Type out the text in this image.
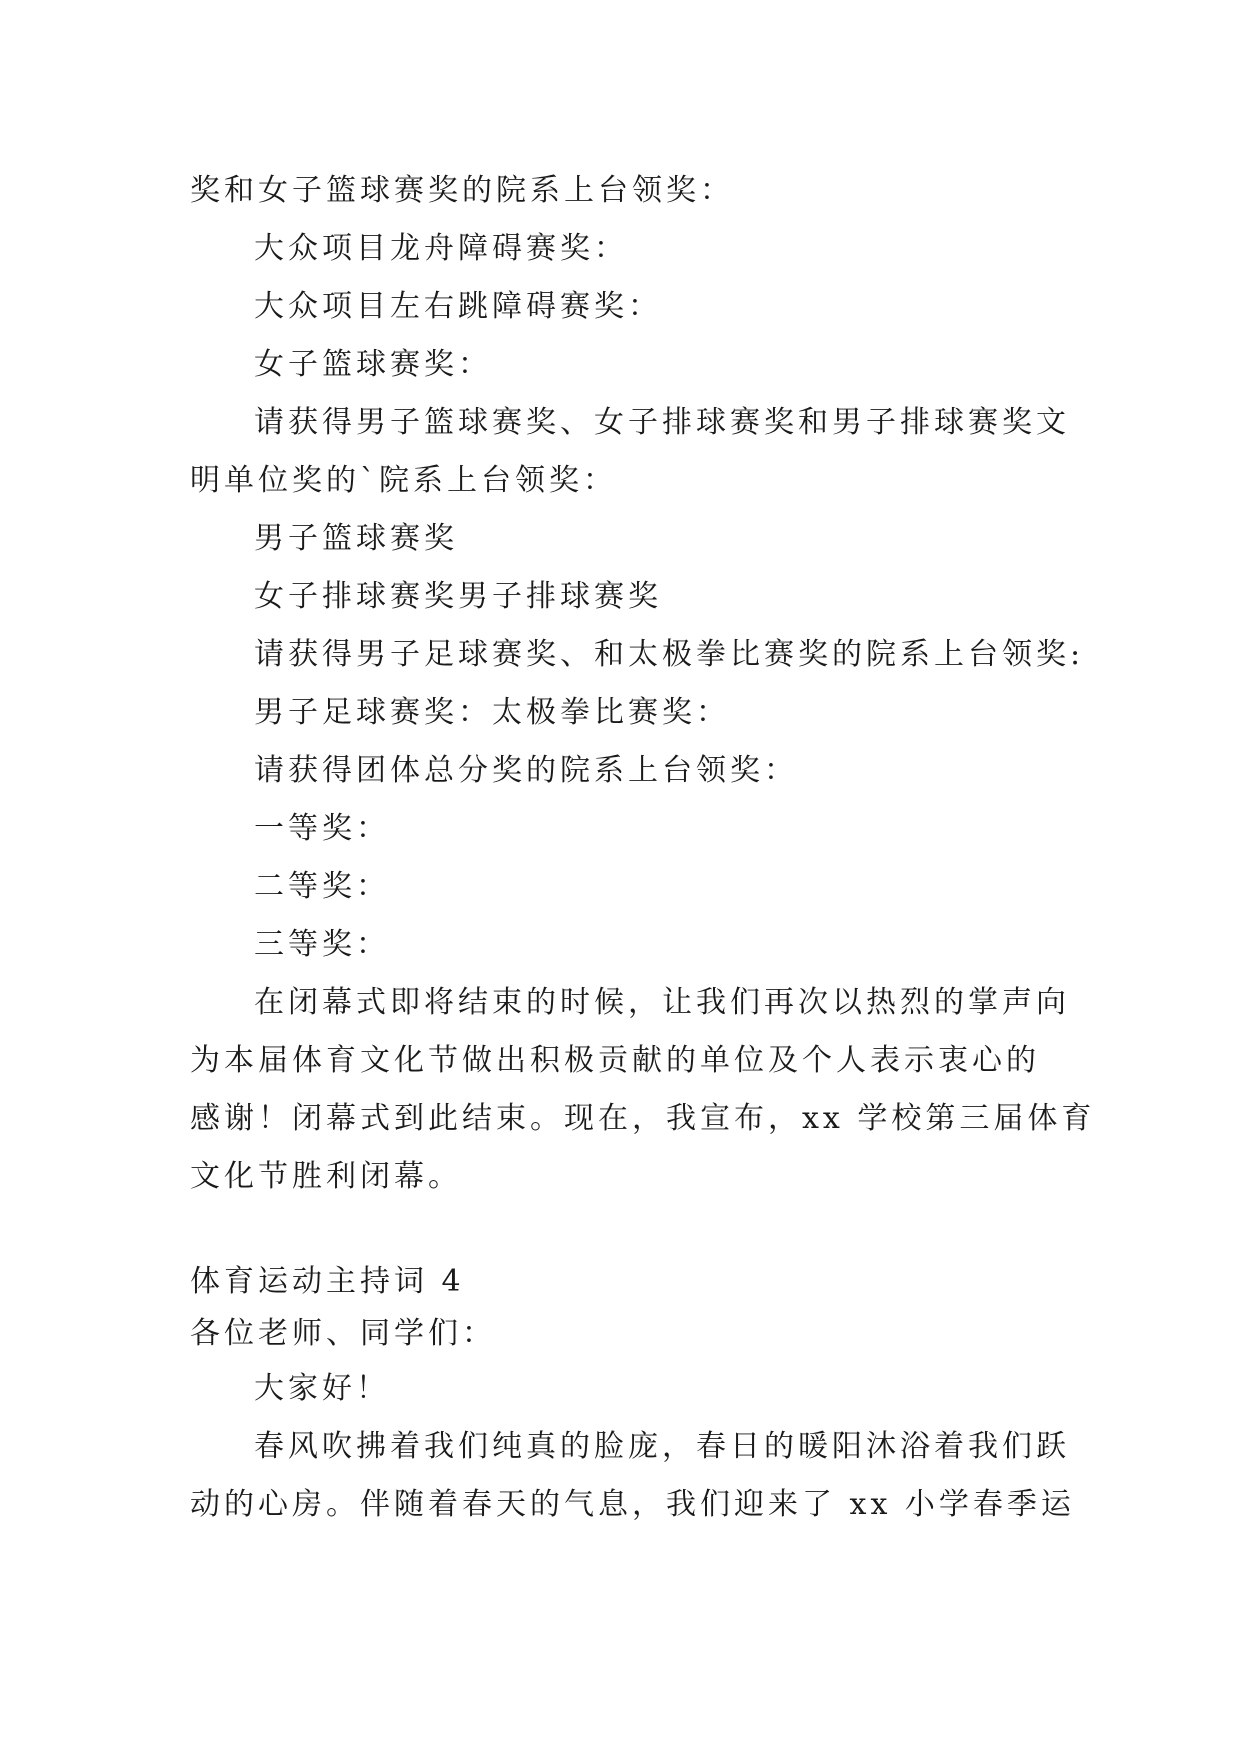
奖和女子篮球赛奖的院系上台领奖：
大众项目龙舟障碍赛奖：
大众项目左右跳障碍赛奖：
女子篮球赛奖：
请获得男子篮球赛奖、女子排球赛奖和男子排球赛奖文
明单位奖的`院系上台领奖：
男子篮球赛奖
女子排球赛奖男子排球赛奖
请获得男子足球赛奖、和太极拳比赛奖的院系上台领奖:
男子足球赛奖：太极拳比赛奖：
请获得团体总分奖的院系上台领奖：
一等奖：
二等奖：
三等奖：
在闭幕式即将结束的时候，让我们再次以热烈的掌声向
为本届体育文化节做出积极贡献的单位及个人表示衷心的
感谢！闭幕式到此结束。现在，我宣布，xx 学校第三届体育
文化节胜利闭幕。
体育运动主持词 4
各位老师、同学们：
大家好！
春风吹拂着我们纯真的脸庞，春日的暖阳沐浴着我们跃
动的心房。伴随着春天的气息，我们迎来了 xx 小学春季运
